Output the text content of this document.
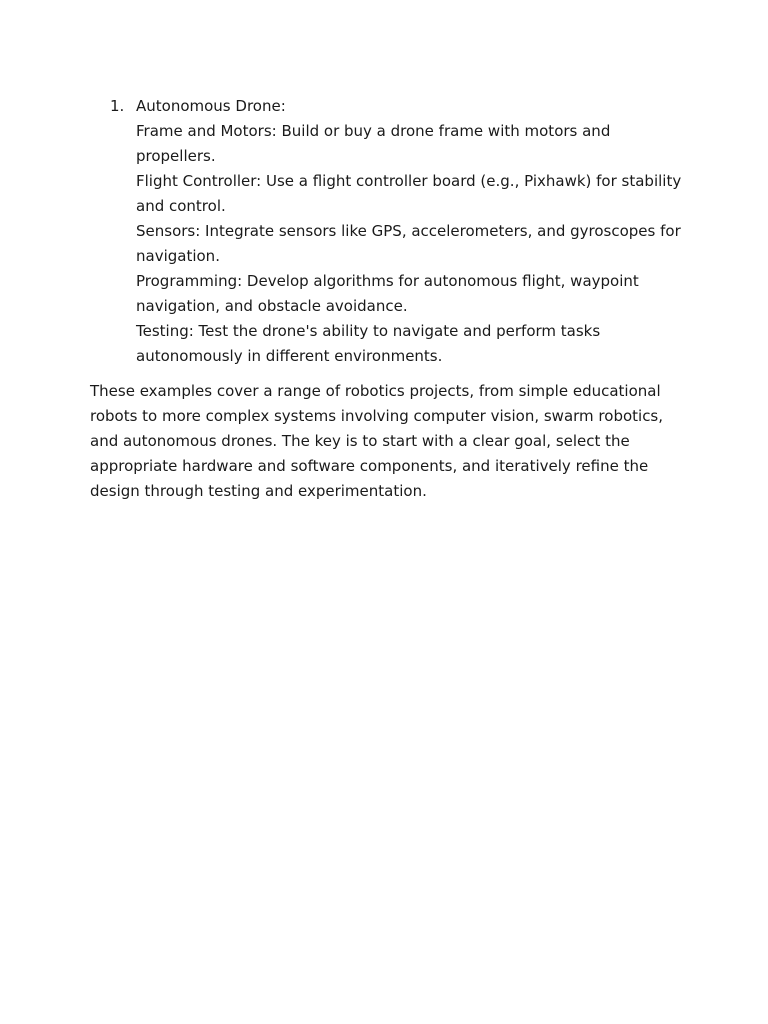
1. Autonomous Drone:
Frame and Motors: Build or buy a drone frame with motors and propellers.
Flight Controller: Use a flight controller board (e.g., Pixhawk) for stability and control.
Sensors: Integrate sensors like GPS, accelerometers, and gyroscopes for navigation.
Programming: Develop algorithms for autonomous flight, waypoint navigation, and obstacle avoidance.
Testing: Test the drone's ability to navigate and perform tasks autonomously in different environments.

These examples cover a range of robotics projects, from simple educational robots to more complex systems involving computer vision, swarm robotics, and autonomous drones. The key is to start with a clear goal, select the appropriate hardware and software components, and iteratively refine the design through testing and experimentation.
